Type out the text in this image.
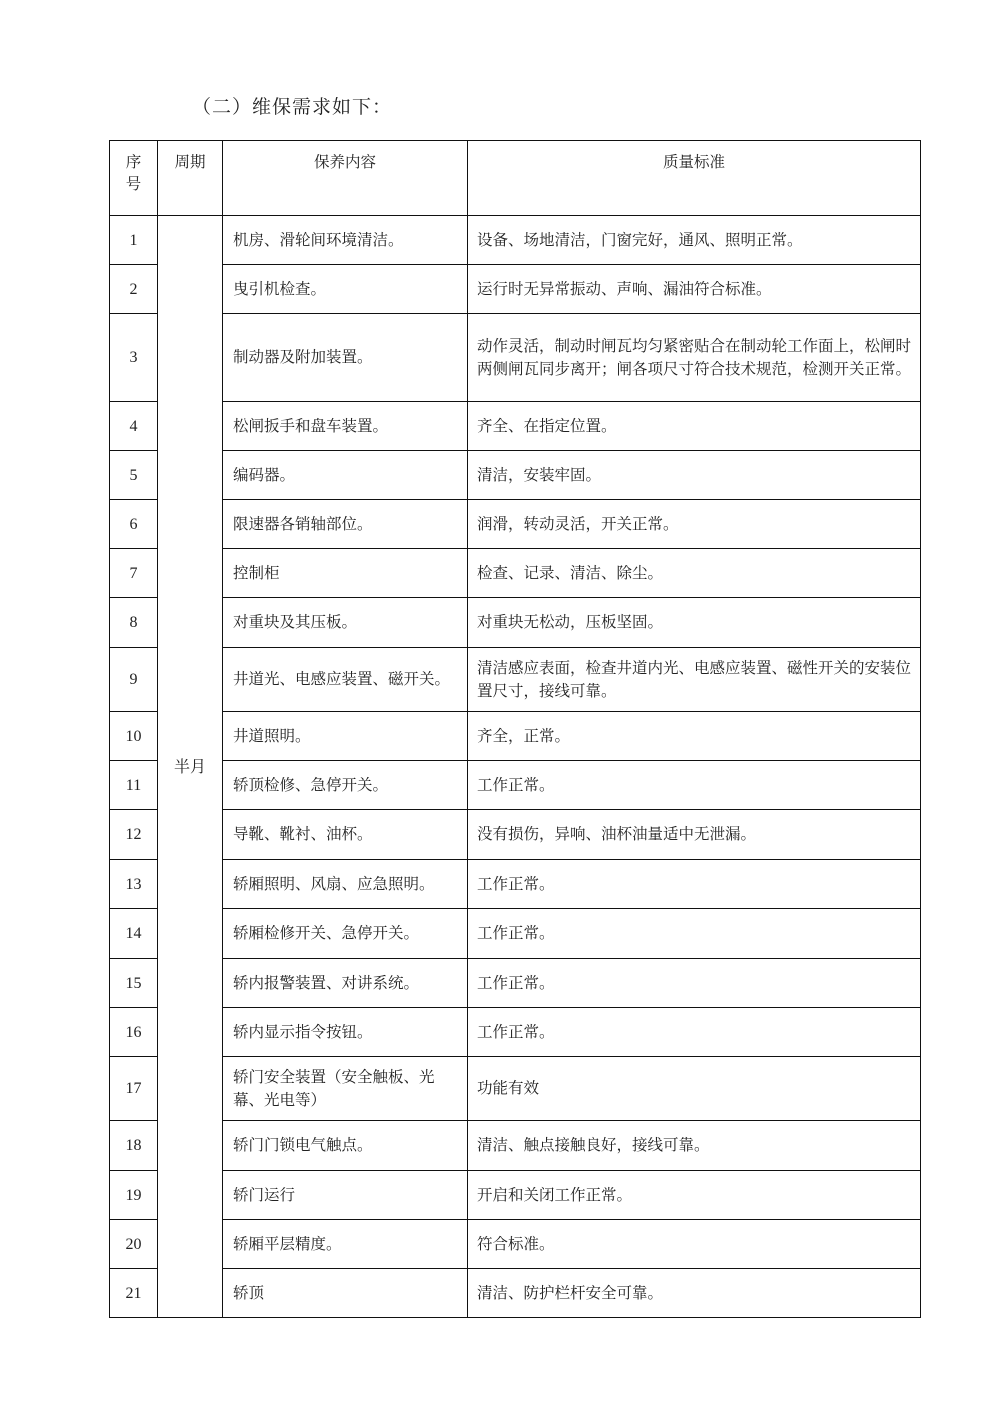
（二）维保需求如下：
序号	周期	保养内容	质量标准
1	半月	机房、滑轮间环境清洁。	设备、场地清洁，门窗完好，通风、照明正常。
2		曳引机检查。	运行时无异常振动、声响、漏油符合标准。
3		制动器及附加装置。	动作灵活，制动时闸瓦均匀紧密贴合在制动轮工作面上，松闸时两侧闸瓦同步离开；闸各项尺寸符合技术规范，检测开关正常。
4		松闸扳手和盘车装置。	齐全、在指定位置。
5		编码器。	清洁，安装牢固。
6		限速器各销轴部位。	润滑，转动灵活，开关正常。
7		控制柜	检查、记录、清洁、除尘。
8		对重块及其压板。	对重块无松动，压板坚固。
9		井道光、电感应装置、磁开关。	清洁感应表面，检查井道内光、电感应装置、磁性开关的安装位置尺寸，接线可靠。
10		井道照明。	齐全，正常。
11		轿顶检修、急停开关。	工作正常。
12		导靴、靴衬、油杯。	没有损伤，异响、油杯油量适中无泄漏。
13		轿厢照明、风扇、应急照明。	工作正常。
14		轿厢检修开关、急停开关。	工作正常。
15		轿内报警装置、对讲系统。	工作正常。
16		轿内显示指令按钮。	工作正常。
17		轿门安全装置（安全触板、光幕、光电等）	功能有效
18		轿门门锁电气触点。	清洁、触点接触良好，接线可靠。
19		轿门运行	开启和关闭工作正常。
20		轿厢平层精度。	符合标准。
21		轿顶	清洁、防护栏杆安全可靠。
